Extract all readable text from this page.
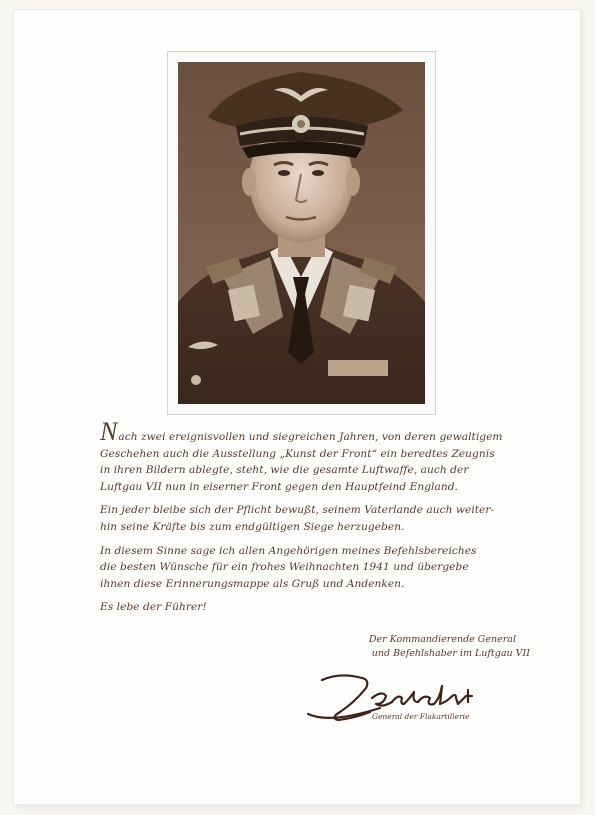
Nach zwei ereignisvollen und siegreichen Jahren, von deren gewaltigem
Geschehen auch die Ausstellung „Kunst der Front“ ein beredtes Zeugnis
in ihren Bildern ablegte, steht, wie die gesamte Luftwaffe, auch der
Luftgau VII nun in eiserner Front gegen den Hauptfeind England.

Ein jeder bleibe sich der Pflicht bewußt, seinem Vaterlande auch weiter-
hin seine Kräfte bis zum endgültigen Siege herzugeben.

In diesem Sinne sage ich allen Angehörigen meines Befehlsbereiches
die besten Wünsche für ein frohes Weihnachten 1941 und übergebe
ihnen diese Erinnerungsmappe als Gruß und Andenken.

Es lebe der Führer!

Der Kommandierende General
und Befehlshaber im Luftgau VII
General der Flakartillerie
